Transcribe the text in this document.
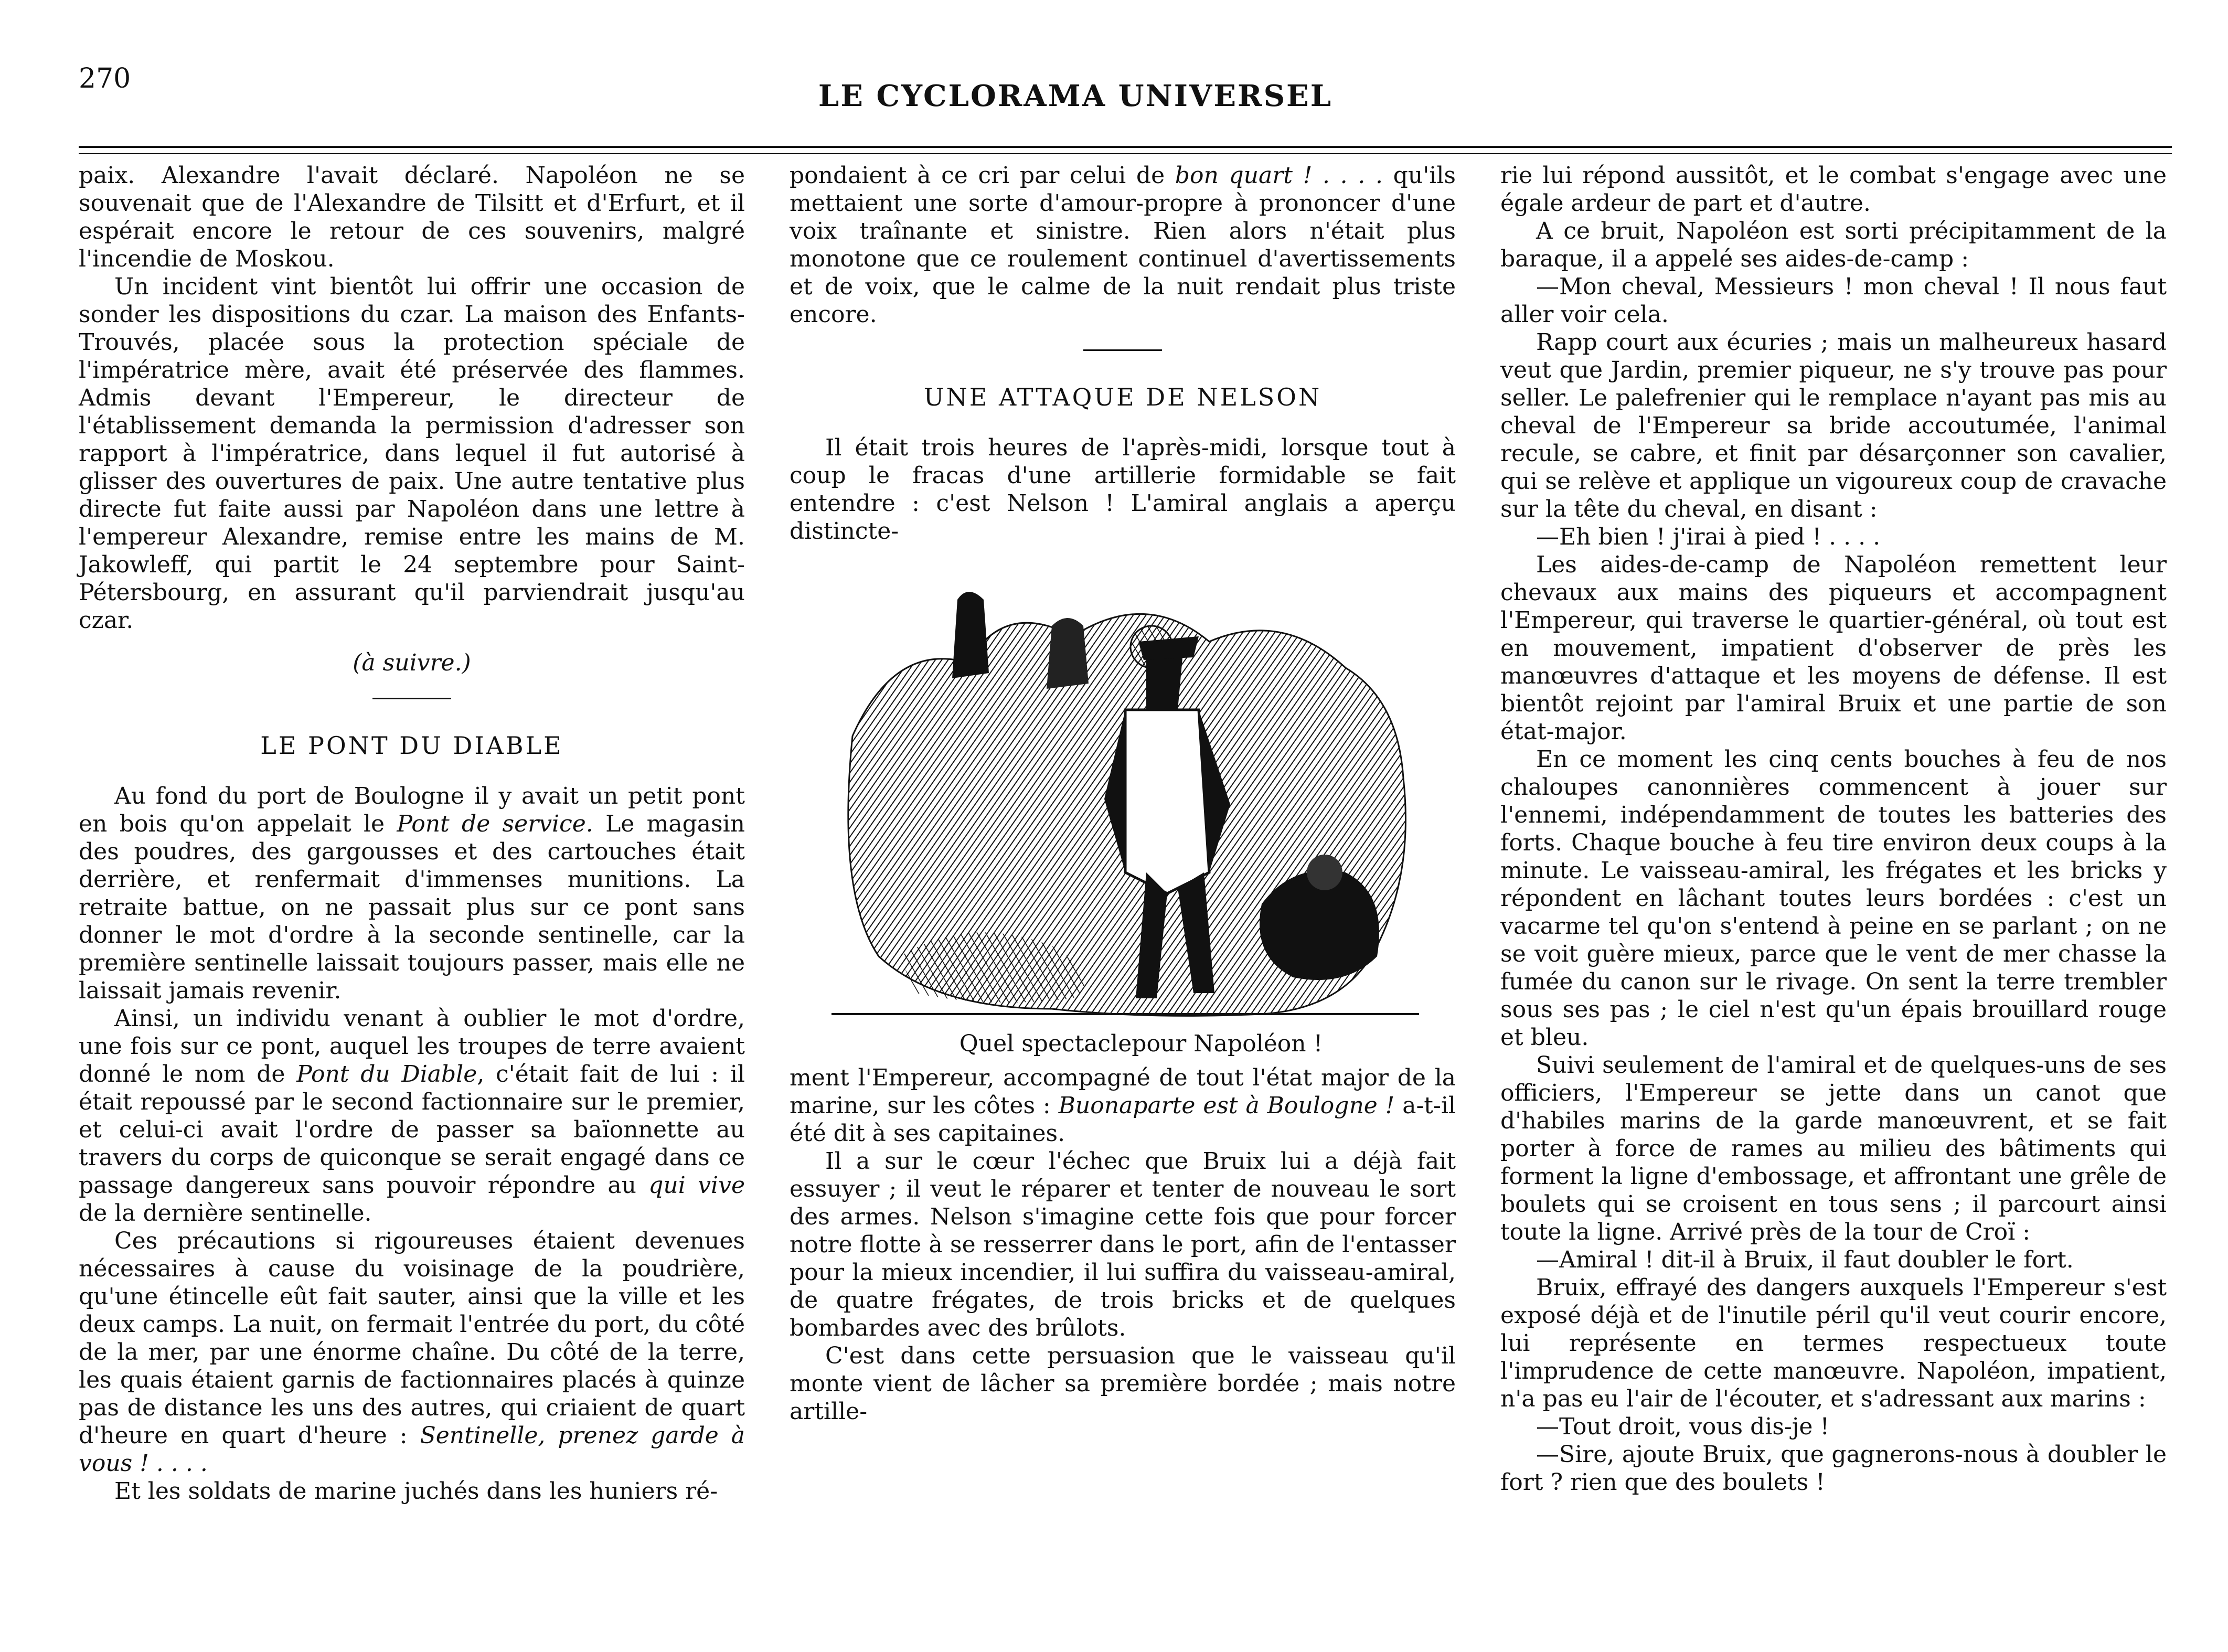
270	LE CYCLORAMA UNIVERSEL

paix. Alexandre l'avait déclaré. Napoléon ne se souvenait que de l'Alexandre de Tilsitt et d'Erfurt, et il espérait encore le retour de ces souvenirs, malgré l'incendie de Moskou.

Un incident vint bientôt lui offrir une occasion de sonder les dispositions du czar. La maison des Enfants-Trouvés, placée sous la protection spéciale de l'impératrice mère, avait été préservée des flammes. Admis devant l'Empereur, le directeur de l'établissement demanda la permission d'adresser son rapport à l'impératrice, dans lequel il fut autorisé à glisser des ouvertures de paix. Une autre tentative plus directe fut faite aussi par Napoléon dans une lettre à l'empereur Alexandre, remise entre les mains de M. Jakowleff, qui partit le 24 septembre pour Saint-Pétersbourg, en assurant qu'il parviendrait jusqu'au czar.

(à suivre.)

LE PONT DU DIABLE

Au fond du port de Boulogne il y avait un petit pont en bois qu'on appelait le Pont de service. Le magasin des poudres, des gargousses et des cartouches était derrière, et renfermait d'immenses munitions. La retraite battue, on ne passait plus sur ce pont sans donner le mot d'ordre à la seconde sentinelle, car la première sentinelle laissait toujours passer, mais elle ne laissait jamais revenir.

Ainsi, un individu venant à oublier le mot d'ordre, une fois sur ce pont, auquel les troupes de terre avaient donné le nom de Pont du Diable, c'était fait de lui : il était repoussé par le second factionnaire sur le premier, et celui-ci avait l'ordre de passer sa baïonnette au travers du corps de quiconque se serait engagé dans ce passage dangereux sans pouvoir répondre au qui vive de la dernière sentinelle.

Ces précautions si rigoureuses étaient devenues nécessaires à cause du voisinage de la poudrière, qu'une étincelle eût fait sauter, ainsi que la ville et les deux camps. La nuit, on fermait l'entrée du port, du côté de la mer, par une énorme chaîne. Du côté de la terre, les quais étaient garnis de factionnaires placés à quinze pas de distance les uns des autres, qui criaient de quart d'heure en quart d'heure : Sentinelle, prenez garde à vous ! . . . .

Et les soldats de marine juchés dans les huniers ré-

pondaient à ce cri par celui de bon quart ! . . . . qu'ils mettaient une sorte d'amour-propre à prononcer d'une voix traînante et sinistre. Rien alors n'était plus monotone que ce roulement continuel d'avertissements et de voix, que le calme de la nuit rendait plus triste encore.

UNE ATTAQUE DE NELSON

Il était trois heures de l'après-midi, lorsque tout à coup le fracas d'une artillerie formidable se fait entendre : c'est Nelson ! L'amiral anglais a aperçu distincte-

Quel spectaclepour Napoléon !

ment l'Empereur, accompagné de tout l'état major de la marine, sur les côtes : Buonaparte est à Boulogne ! a-t-il été dit à ses capitaines.

Il a sur le cœur l'échec que Bruix lui a déjà fait essuyer ; il veut le réparer et tenter de nouveau le sort des armes. Nelson s'imagine cette fois que pour forcer notre flotte à se resserrer dans le port, afin de l'entasser pour la mieux incendier, il lui suffira du vaisseau-amiral, de quatre frégates, de trois bricks et de quelques bombardes avec des brûlots.

C'est dans cette persuasion que le vaisseau qu'il monte vient de lâcher sa première bordée ; mais notre artille-

rie lui répond aussitôt, et le combat s'engage avec une égale ardeur de part et d'autre.

A ce bruit, Napoléon est sorti précipitamment de la baraque, il a appelé ses aides-de-camp :

—Mon cheval, Messieurs ! mon cheval ! Il nous faut aller voir cela.

Rapp court aux écuries ; mais un malheureux hasard veut que Jardin, premier piqueur, ne s'y trouve pas pour seller. Le palefrenier qui le remplace n'ayant pas mis au cheval de l'Empereur sa bride accoutumée, l'animal recule, se cabre, et finit par désarçonner son cavalier, qui se relève et applique un vigoureux coup de cravache sur la tête du cheval, en disant :

—Eh bien ! j'irai à pied ! . . . .

Les aides-de-camp de Napoléon remettent leur chevaux aux mains des piqueurs et accompagnent l'Empereur, qui traverse le quartier-général, où tout est en mouvement, impatient d'observer de près les manœuvres d'attaque et les moyens de défense. Il est bientôt rejoint par l'amiral Bruix et une partie de son état-major.

En ce moment les cinq cents bouches à feu de nos chaloupes canonnières commencent à jouer sur l'ennemi, indépendamment de toutes les batteries des forts. Chaque bouche à feu tire environ deux coups à la minute. Le vaisseau-amiral, les frégates et les bricks y répondent en lâchant toutes leurs bordées : c'est un vacarme tel qu'on s'entend à peine en se parlant ; on ne se voit guère mieux, parce que le vent de mer chasse la fumée du canon sur le rivage. On sent la terre trembler sous ses pas ; le ciel n'est qu'un épais brouillard rouge et bleu.

Suivi seulement de l'amiral et de quelques-uns de ses officiers, l'Empereur se jette dans un canot que d'habiles marins de la garde manœuvrent, et se fait porter à force de rames au milieu des bâtiments qui forment la ligne d'embossage, et affrontant une grêle de boulets qui se croisent en tous sens ; il parcourt ainsi toute la ligne. Arrivé près de la tour de Croï :

—Amiral ! dit-il à Bruix, il faut doubler le fort.

Bruix, effrayé des dangers auxquels l'Empereur s'est exposé déjà et de l'inutile péril qu'il veut courir encore, lui représente en termes respectueux toute l'imprudence de cette manœuvre. Napoléon, impatient, n'a pas eu l'air de l'écouter, et s'adressant aux marins :

—Tout droit, vous dis-je !

—Sire, ajoute Bruix, que gagnerons-nous à doubler le fort ? rien que des boulets !
